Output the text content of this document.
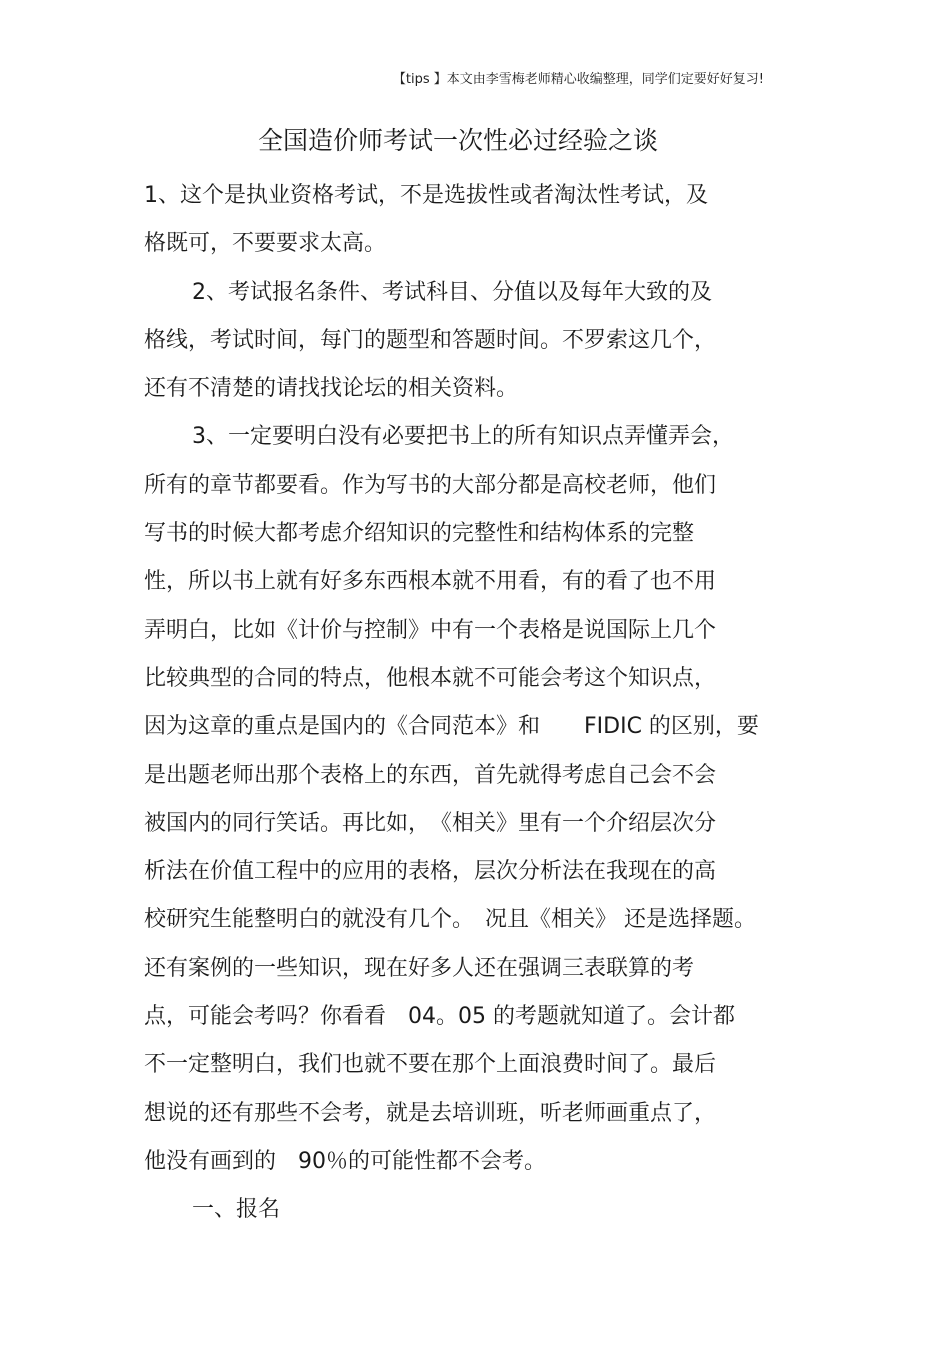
【tips 】本文由李雪梅老师精心收编整理，同学们定要好好复习!
全国造价师考试一次性必过经验之谈
1、这个是执业资格考试，不是选拔性或者淘汰性考试，及
格既可，不要要求太高。
2、考试报名条件、考试科目、分值以及每年大致的及
格线，考试时间，每门的题型和答题时间。不罗索这几个，
还有不清楚的请找找论坛的相关资料。
3、一定要明白没有必要把书上的所有知识点弄懂弄会，
所有的章节都要看。作为写书的大部分都是高校老师，他们
写书的时候大都考虑介绍知识的完整性和结构体系的完整
性，所以书上就有好多东西根本就不用看，有的看了也不用
弄明白，比如《计价与控制》中有一个表格是说国际上几个
比较典型的合同的特点，他根本就不可能会考这个知识点，
因为这章的重点是国内的《合同范本》和　　FIDIC 的区别，要
是出题老师出那个表格上的东西，首先就得考虑自己会不会
被国内的同行笑话。再比如，　《相关》里有一个介绍层次分
析法在价值工程中的应用的表格，层次分析法在我现在的高
校研究生能整明白的就没有几个。　况且《相关》 还是选择题。
还有案例的一些知识，现在好多人还在强调三表联算的考
点，可能会考吗？你看看　04。05 的考题就知道了。会计都
不一定整明白，我们也就不要在那个上面浪费时间了。最后
想说的还有那些不会考，就是去培训班，听老师画重点了，
他没有画到的　90％的可能性都不会考。
一、报名
